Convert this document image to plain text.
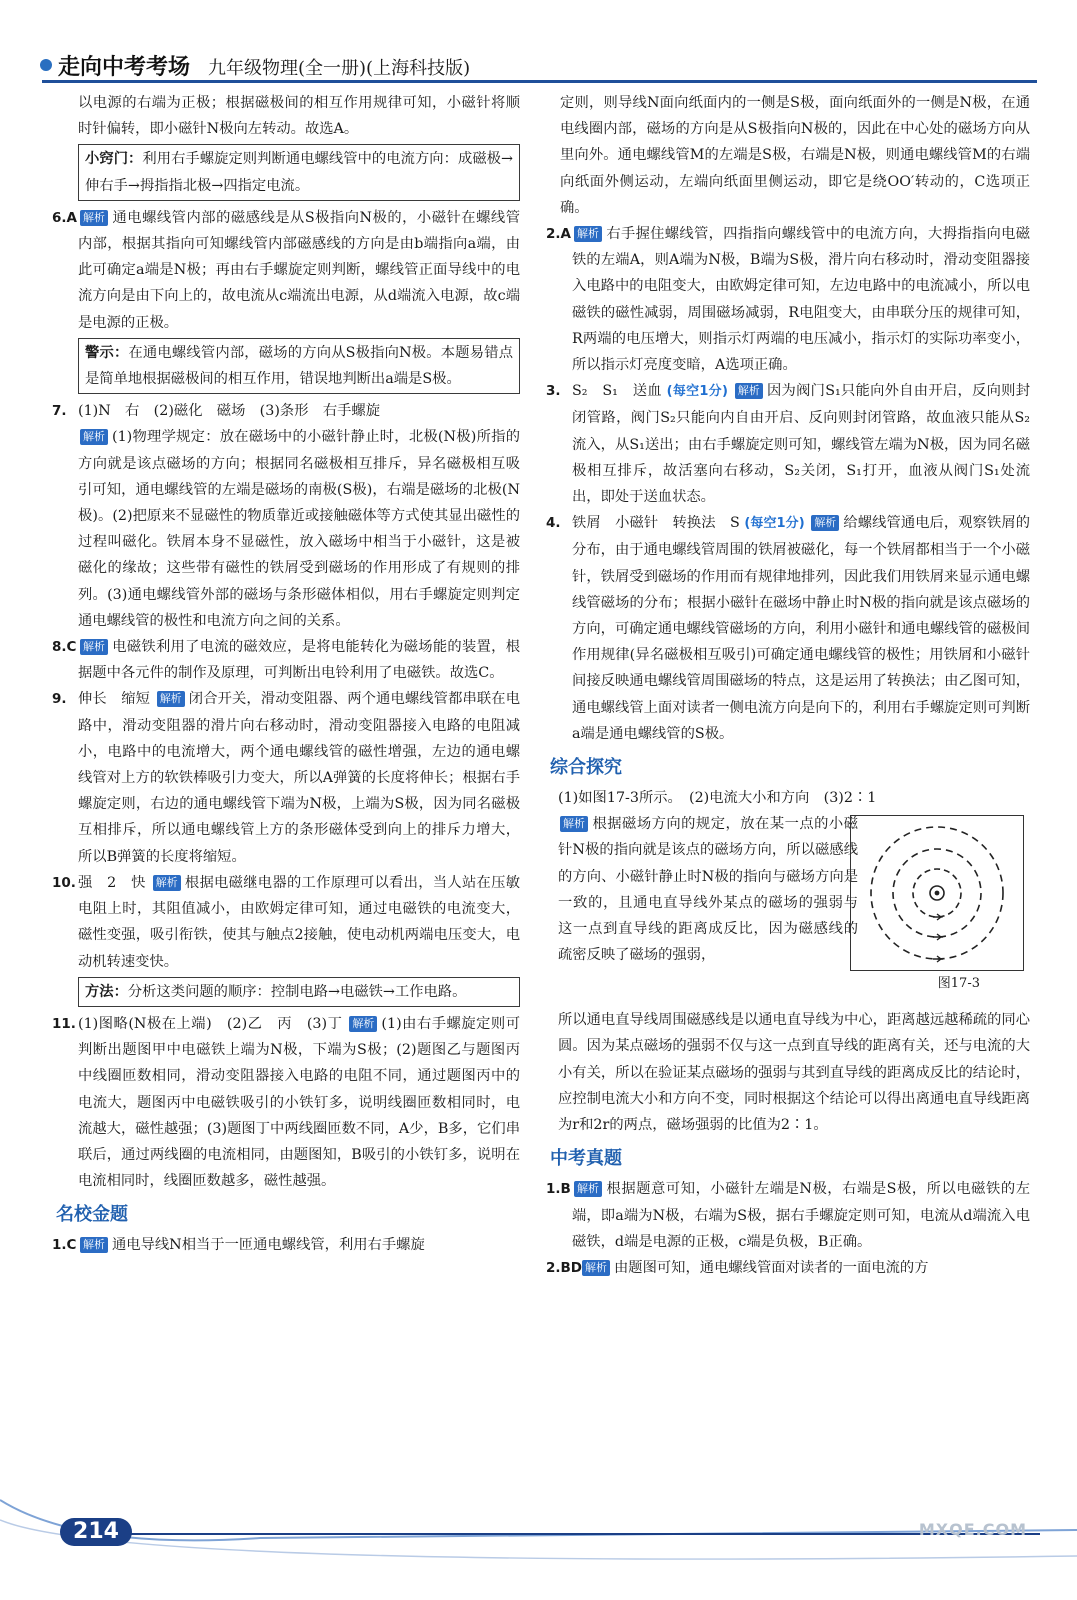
走向中考考场 九年级物理(全一册)(上海科技版)

以电源的右端为正极；根据磁极间的相互作用规律可知，小磁针将顺时针偏转，即小磁针N极向左转动。故选A。

小窍门：利用右手螺旋定则判断通电螺线管中的电流方向：成磁极→伸右手→拇指指北极→四指定电流。

6.A 解析 通电螺线管内部的磁感线是从S极指向N极的，小磁针在螺线管内部，根据其指向可知螺线管内部磁感线的方向是由b端指向a端，由此可确定a端是N极；再由右手螺旋定则判断，螺线管正面导线中的电流方向是由下向上的，故电流从c端流出电源，从d端流入电源，故c端是电源的正极。

警示：在通电螺线管内部，磁场的方向从S极指向N极。本题易错点是简单地根据磁极间的相互作用，错误地判断出a端是S极。

7. (1)N　右　(2)磁化　磁场　(3)条形　右手螺旋
解析 (1)物理学规定：放在磁场中的小磁针静止时，北极(N极)所指的方向就是该点磁场的方向；根据同名磁极相互排斥，异名磁极相互吸引可知，通电螺线管的左端是磁场的南极(S极)，右端是磁场的北极(N极)。(2)把原来不显磁性的物质靠近或接触磁体等方式使其显出磁性的过程叫磁化。铁屑本身不显磁性，放入磁场中相当于小磁针，这是被磁化的缘故；这些带有磁性的铁屑受到磁场的作用形成了有规则的排列。(3)通电螺线管外部的磁场与条形磁体相似，用右手螺旋定则判定通电螺线管的极性和电流方向之间的关系。

8.C 解析 电磁铁利用了电流的磁效应，是将电能转化为磁场能的装置，根据题中各元件的制作及原理，可判断出电铃利用了电磁铁。故选C。

9. 伸长　缩短 解析 闭合开关，滑动变阻器、两个通电螺线管都串联在电路中，滑动变阻器的滑片向右移动时，滑动变阻器接入电路的电阻减小，电路中的电流增大，两个通电螺线管的磁性增强，左边的通电螺线管对上方的软铁棒吸引力变大，所以A弹簧的长度将伸长；根据右手螺旋定则，右边的通电螺线管下端为N极，上端为S极，因为同名磁极互相排斥，所以通电螺线管上方的条形磁体受到向上的排斥力增大，所以B弹簧的长度将缩短。

10. 强　2　快 解析 根据电磁继电器的工作原理可以看出，当人站在压敏电阻上时，其阻值减小，由欧姆定律可知，通过电磁铁的电流变大，磁性变强，吸引衔铁，使其与触点2接触，使电动机两端电压变大，电动机转速变快。

方法：分析这类问题的顺序：控制电路→电磁铁→工作电路。

11. (1)图略(N极在上端)　(2)乙　丙　(3)丁 解析 (1)由右手螺旋定则可判断出题图甲中电磁铁上端为N极，下端为S极；(2)题图乙与题图丙中线圈匝数相同，滑动变阻器接入电路的电阻不同，通过题图丙中的电流大，题图丙中电磁铁吸引的小铁钉多，说明线圈匝数相同时，电流越大，磁性越强；(3)题图丁中两线圈匝数不同，A少，B多，它们串联后，通过两线圈的电流相同，由题图知，B吸引的小铁钉多，说明在电流相同时，线圈匝数越多，磁性越强。

名校金题

1.C 解析 通电导线N相当于一匝通电螺线管，利用右手螺旋

定则，则导线N面向纸面内的一侧是S极，面向纸面外的一侧是N极，在通电线圈内部，磁场的方向是从S极指向N极的，因此在中心处的磁场方向从里向外。通电螺线管M的左端是S极，右端是N极，则通电螺线管M的右端向纸面外侧运动，左端向纸面里侧运动，即它是绕OO′转动的，C选项正确。

2.A 解析 右手握住螺线管，四指指向螺线管中的电流方向，大拇指指向电磁铁的左端A，则A端为N极，B端为S极，滑片向右移动时，滑动变阻器接入电路中的电阻变大，由欧姆定律可知，左边电路中的电流减小，所以电磁铁的磁性减弱，周围磁场减弱，R电阻变大，由串联分压的规律可知，R两端的电压增大，则指示灯两端的电压减小，指示灯的实际功率变小，所以指示灯亮度变暗，A选项正确。

3. S₂　S₁　送血 (每空1分) 解析 因为阀门S₁只能向外自由开启，反向则封闭管路，阀门S₂只能向内自由开启、反向则封闭管路，故血液只能从S₂流入，从S₁送出；由右手螺旋定则可知，螺线管左端为N极，因为同名磁极相互排斥，故活塞向右移动，S₂关闭，S₁打开，血液从阀门S₁处流出，即处于送血状态。

4. 铁屑　小磁针　转换法　S (每空1分) 解析 给螺线管通电后，观察铁屑的分布，由于通电螺线管周围的铁屑被磁化，每一个铁屑都相当于一个小磁针，铁屑受到磁场的作用而有规律地排列，因此我们用铁屑来显示通电螺线管磁场的分布；根据小磁针在磁场中静止时N极的指向就是该点磁场的方向，可确定通电螺线管磁场的方向，利用小磁针和通电螺线管的磁极间作用规律(异名磁极相互吸引)可确定通电螺线管的极性；用铁屑和小磁针间接反映通电螺线管周围磁场的特点，这是运用了转换法；由乙图可知，通电螺线管上面对读者一侧电流方向是向下的，利用右手螺旋定则可判断a端是通电螺线管的S极。

综合探究

(1)如图17-3所示。　(2)电流大小和方向　(3)2∶1

解析 根据磁场方向的规定，放在某一点的小磁针N极的指向就是该点的磁场方向，所以磁感线的方向、小磁针静止时N极的指向与磁场方向是一致的，且通电直导线外某点的磁场的强弱与这一点到直导线的距离成反比，因为磁感线的疏密反映了磁场的强弱，

图17-3

所以通电直导线周围磁感线是以通电直导线为中心，距离越远越稀疏的同心圆。因为某点磁场的强弱不仅与这一点到直导线的距离有关，还与电流的大小有关，所以在验证某点磁场的强弱与其到直导线的距离成反比的结论时，应控制电流大小和方向不变，同时根据这个结论可以得出离通电直导线距离为r和2r的两点，磁场强弱的比值为2∶1。

中考真题

1.B 解析 根据题意可知，小磁针左端是N极，右端是S极，所以电磁铁的左端，即a端为N极，右端为S极，据右手螺旋定则可知，电流从d端流入电磁铁，d端是电源的正极，c端是负极，B正确。

2.BD 解析 由题图可知，通电螺线管面对读者的一面电流的方

214	MXQE.COM
